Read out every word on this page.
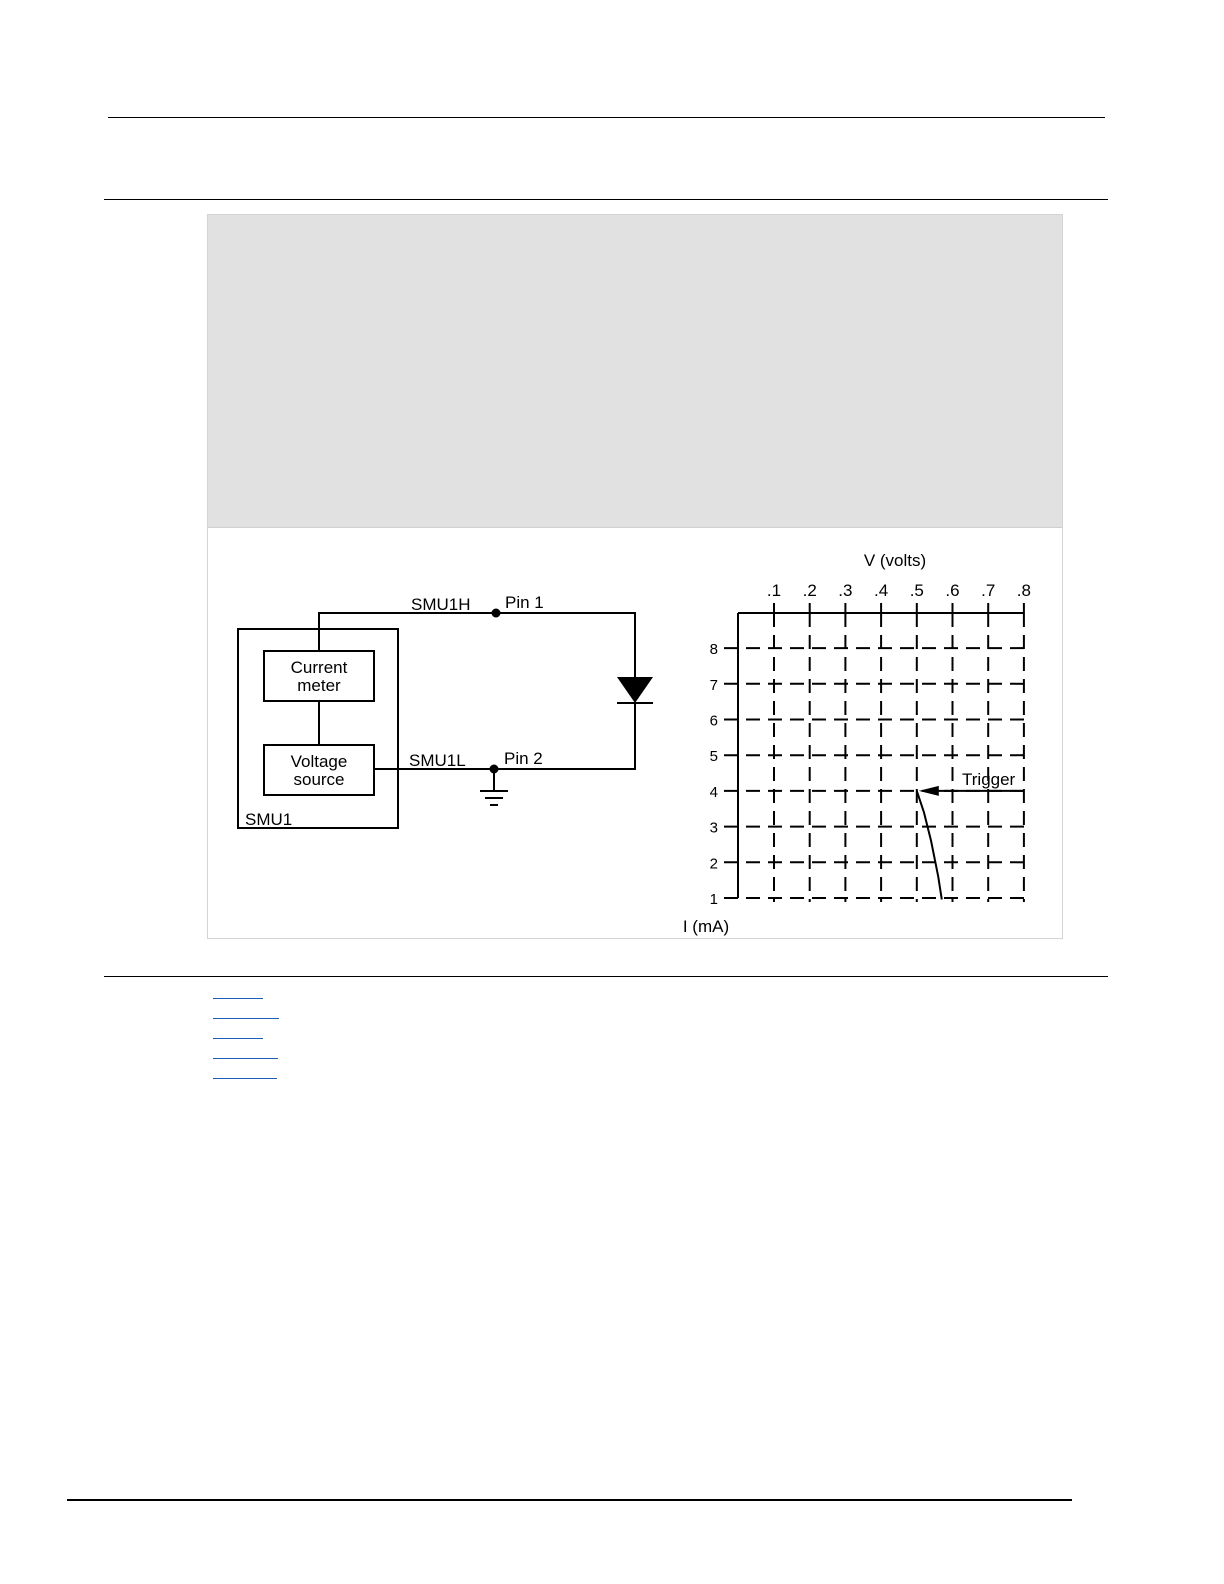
Current
meter
Voltage
source
SMU1
SMU1H Pin 1
SMU1L Pin 2
.1 .2 .3 .4 .5 .6 .7 .8
1
2
3
4
5
6
7
8
V (volts)
I (mA)
Trigger
